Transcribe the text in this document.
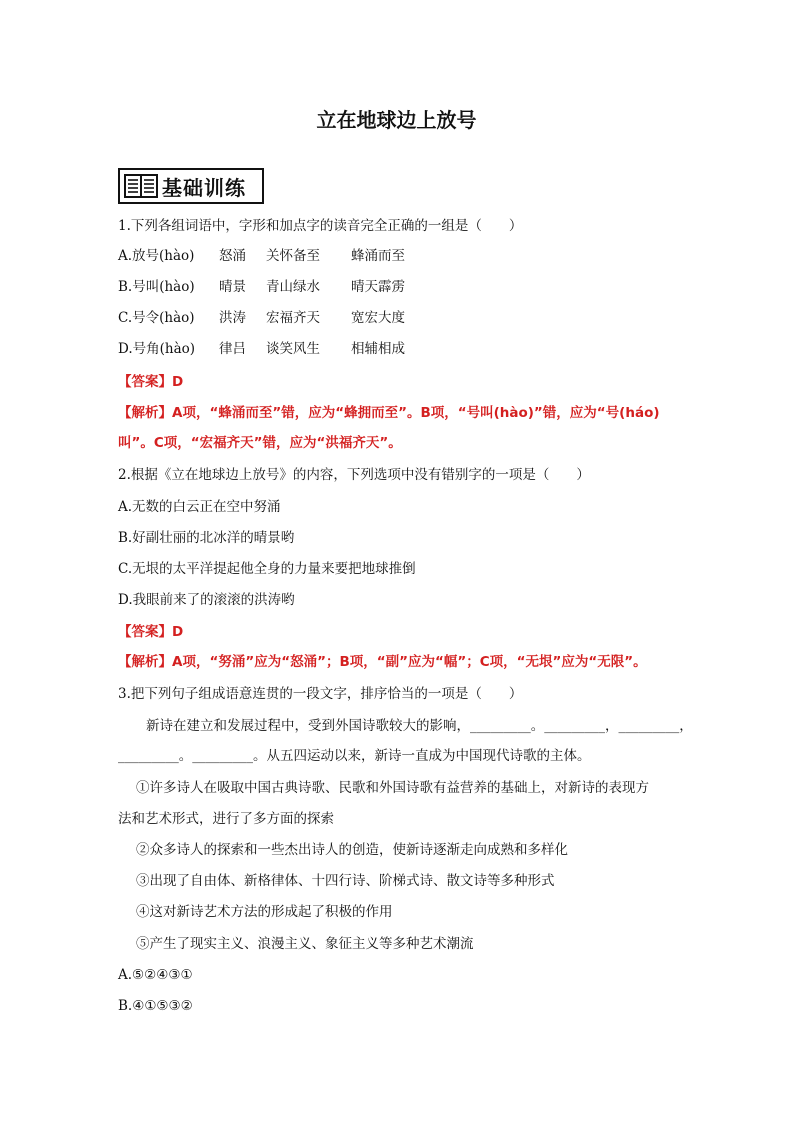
立在地球边上放号
基础训练
1.下列各组词语中，字形和加点字的读音完全正确的一组是（　　）
A.放号(hào) 怒涌 关怀备至 蜂涌而至
B.号叫(hào) 晴景 青山绿水 晴天霹雳
C.号令(hào) 洪涛 宏福齐天 宽宏大度
D.号角(hào) 律吕 谈笑风生 相辅相成
【答案】D
【解析】A项，“蜂涌而至”错，应为“蜂拥而至”。B项，“号叫(hào)”错，应为“号(háo)
叫”。C项，“宏福齐天”错，应为“洪福齐天”。
2.根据《立在地球边上放号》的内容，下列选项中没有错别字的一项是（　　）
A.无数的白云正在空中努涌
B.好副壮丽的北冰洋的晴景哟
C.无垠的太平洋提起他全身的力量来要把地球推倒
D.我眼前来了的滚滚的洪涛哟
【答案】D
【解析】A项，“努涌”应为“怒涌”；B项，“副”应为“幅”；C项，“无垠”应为“无限”。
3.把下列句子组成语意连贯的一段文字，排序恰当的一项是（　　）
新诗在建立和发展过程中，受到外国诗歌较大的影响，_________。_________，_________，
_________。_________。从五四运动以来，新诗一直成为中国现代诗歌的主体。
①许多诗人在吸取中国古典诗歌、民歌和外国诗歌有益营养的基础上，对新诗的表现方
法和艺术形式，进行了多方面的探索
②众多诗人的探索和一些杰出诗人的创造，使新诗逐渐走向成熟和多样化
③出现了自由体、新格律体、十四行诗、阶梯式诗、散文诗等多种形式
④这对新诗艺术方法的形成起了积极的作用
⑤产生了现实主义、浪漫主义、象征主义等多种艺术潮流
A.⑤②④③①
B.④①⑤③②
